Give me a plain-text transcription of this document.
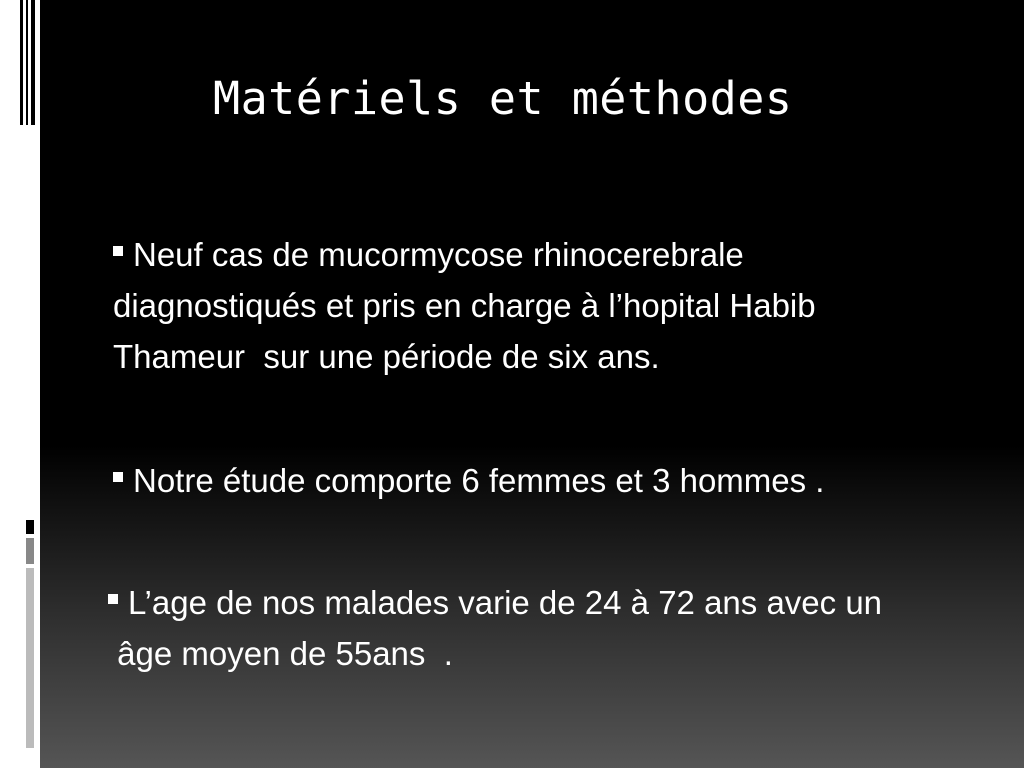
Matériels et méthodes
Neuf cas de mucormycose rhinocerebrale
diagnostiqués et pris en charge à l’hopital Habib
Thameur  sur une période de six ans.
Notre étude comporte 6 femmes et 3 hommes .
L’age de nos malades varie de 24 à 72 ans avec un
âge moyen de 55ans  .
